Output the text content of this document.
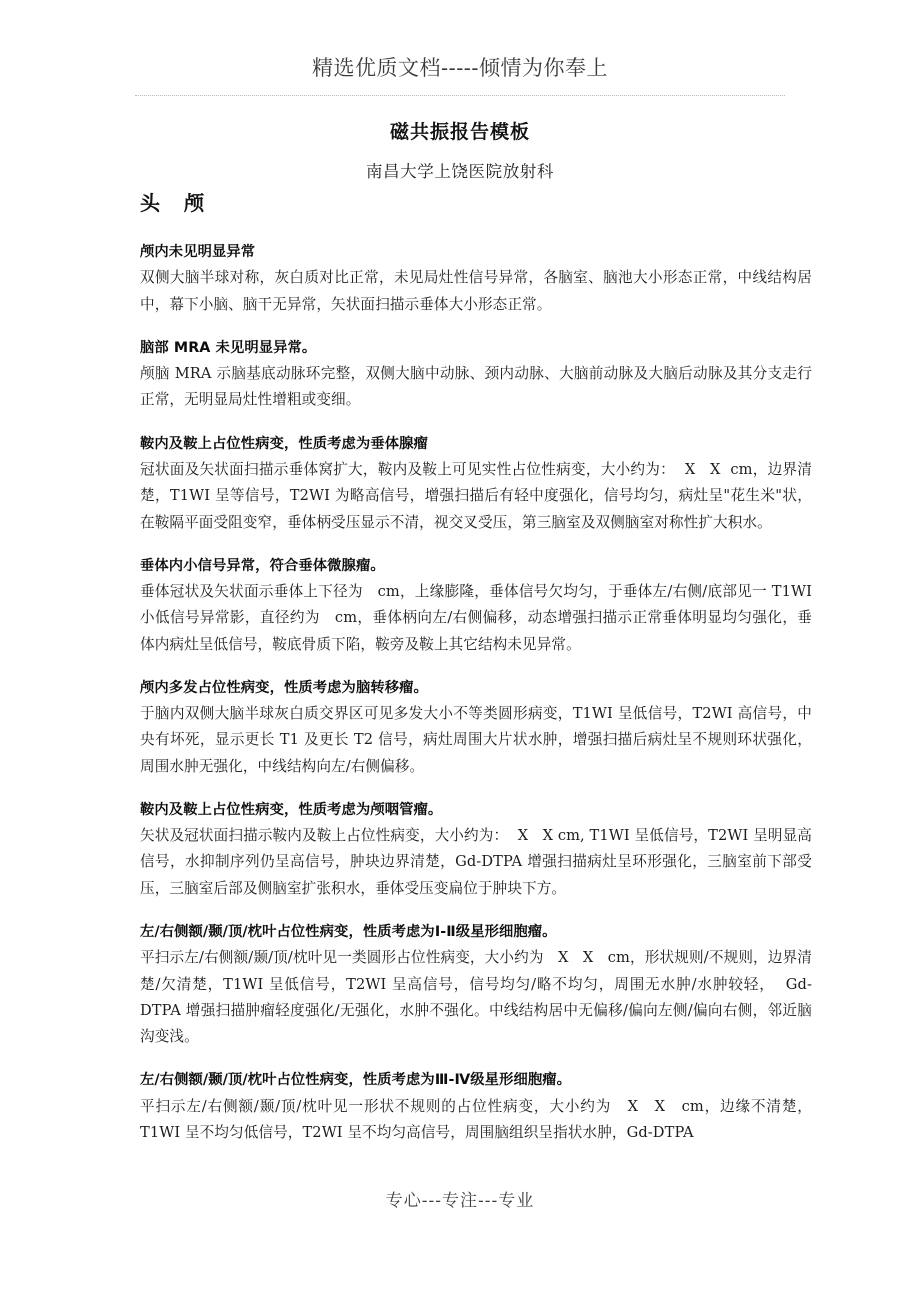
精选优质文档-----倾情为你奉上
磁共振报告模板
南昌大学上饶医院放射科
头　颅
颅内未见明显异常
双侧大脑半球对称，灰白质对比正常，未见局灶性信号异常，各脑室、脑池大小形态正常，中线结构居中，幕下小脑、脑干无异常，矢状面扫描示垂体大小形态正常。
脑部 MRA 未见明显异常。
颅脑 MRA 示脑基底动脉环完整，双侧大脑中动脉、颈内动脉、大脑前动脉及大脑后动脉及其分支走行正常，无明显局灶性增粗或变细。
鞍内及鞍上占位性病变，性质考虑为垂体腺瘤
冠状面及矢状面扫描示垂体窝扩大，鞍内及鞍上可见实性占位性病变，大小约为：  X   X  cm，边界清楚，T1WI 呈等信号，T2WI 为略高信号，增强扫描后有轻中度强化，信号均匀，病灶呈"花生米"状，在鞍隔平面受阻变窄，垂体柄受压显示不清，视交叉受压，第三脑室及双侧脑室对称性扩大积水。
垂体内小信号异常，符合垂体微腺瘤。
垂体冠状及矢状面示垂体上下径为   cm，上缘膨隆，垂体信号欠均匀，于垂体左/右侧/底部见一 T1WI 小低信号异常影，直径约为   cm，垂体柄向左/右侧偏移，动态增强扫描示正常垂体明显均匀强化，垂体内病灶呈低信号，鞍底骨质下陷，鞍旁及鞍上其它结构未见异常。
颅内多发占位性病变，性质考虑为脑转移瘤。
于脑内双侧大脑半球灰白质交界区可见多发大小不等类圆形病变，T1WI 呈低信号，T2WI 高信号，中央有坏死，显示更长 T1 及更长 T2 信号，病灶周围大片状水肿，增强扫描后病灶呈不规则环状强化，周围水肿无强化，中线结构向左/右侧偏移。
鞍内及鞍上占位性病变，性质考虑为颅咽管瘤。
矢状及冠状面扫描示鞍内及鞍上占位性病变，大小约为：  X   X cm, T1WI 呈低信号，T2WI 呈明显高信号，水抑制序列仍呈高信号，肿块边界清楚，Gd-DTPA 增强扫描病灶呈环形强化，三脑室前下部受压，三脑室后部及侧脑室扩张积水，垂体受压变扁位于肿块下方。
左/右侧额/颞/顶/枕叶占位性病变，性质考虑为Ⅰ-Ⅱ级星形细胞瘤。
平扫示左/右侧额/颞/顶/枕叶见一类圆形占位性病变，大小约为   X   X   cm，形状规则/不规则，边界清楚/欠清楚，T1WI 呈低信号，T2WI 呈高信号，信号均匀/略不均匀，周围无水肿/水肿较轻，  Gd-DTPA 增强扫描肿瘤轻度强化/无强化，水肿不强化。中线结构居中无偏移/偏向左侧/偏向右侧，邻近脑沟变浅。
左/右侧额/颞/顶/枕叶占位性病变，性质考虑为Ⅲ-Ⅳ级星形细胞瘤。
平扫示左/右侧额/颞/顶/枕叶见一形状不规则的占位性病变，大小约为   X   X   cm，边缘不清楚，T1WI 呈不均匀低信号，T2WI 呈不均匀高信号，周围脑组织呈指状水肿，Gd-DTPA
专心---专注---专业
